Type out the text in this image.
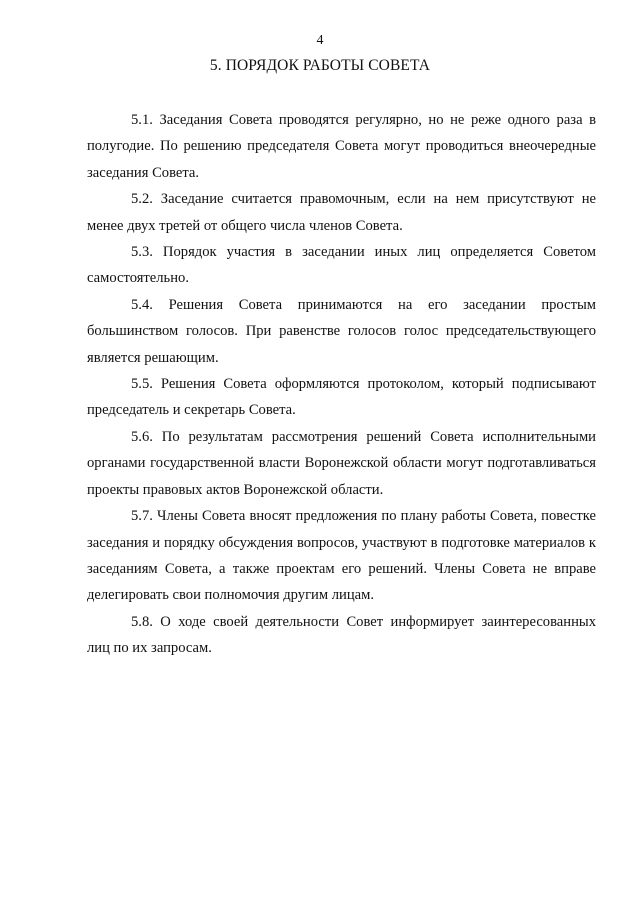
4
5. ПОРЯДОК РАБОТЫ СОВЕТА

5.1. Заседания Совета проводятся регулярно, но не реже одного раза в полугодие. По решению председателя Совета могут проводиться внеочередные заседания Совета.

5.2. Заседание считается правомочным, если на нем присутствуют не менее двух третей от общего числа членов Совета.

5.3. Порядок участия в заседании иных лиц определяется Советом самостоятельно.

5.4. Решения Совета принимаются на его заседании простым большинством голосов. При равенстве голосов голос председательствующего является решающим.

5.5. Решения Совета оформляются протоколом, который подписывают председатель и секретарь Совета.

5.6. По результатам рассмотрения решений Совета исполнительными органами государственной власти Воронежской области могут подготавливаться проекты правовых актов Воронежской области.

5.7. Члены Совета вносят предложения по плану работы Совета, повестке заседания и порядку обсуждения вопросов, участвуют в подготовке материалов к заседаниям Совета, а также проектам его решений. Члены Совета не вправе делегировать свои полномочия другим лицам.

5.8. О ходе своей деятельности Совет информирует заинтересованных лиц по их запросам.
